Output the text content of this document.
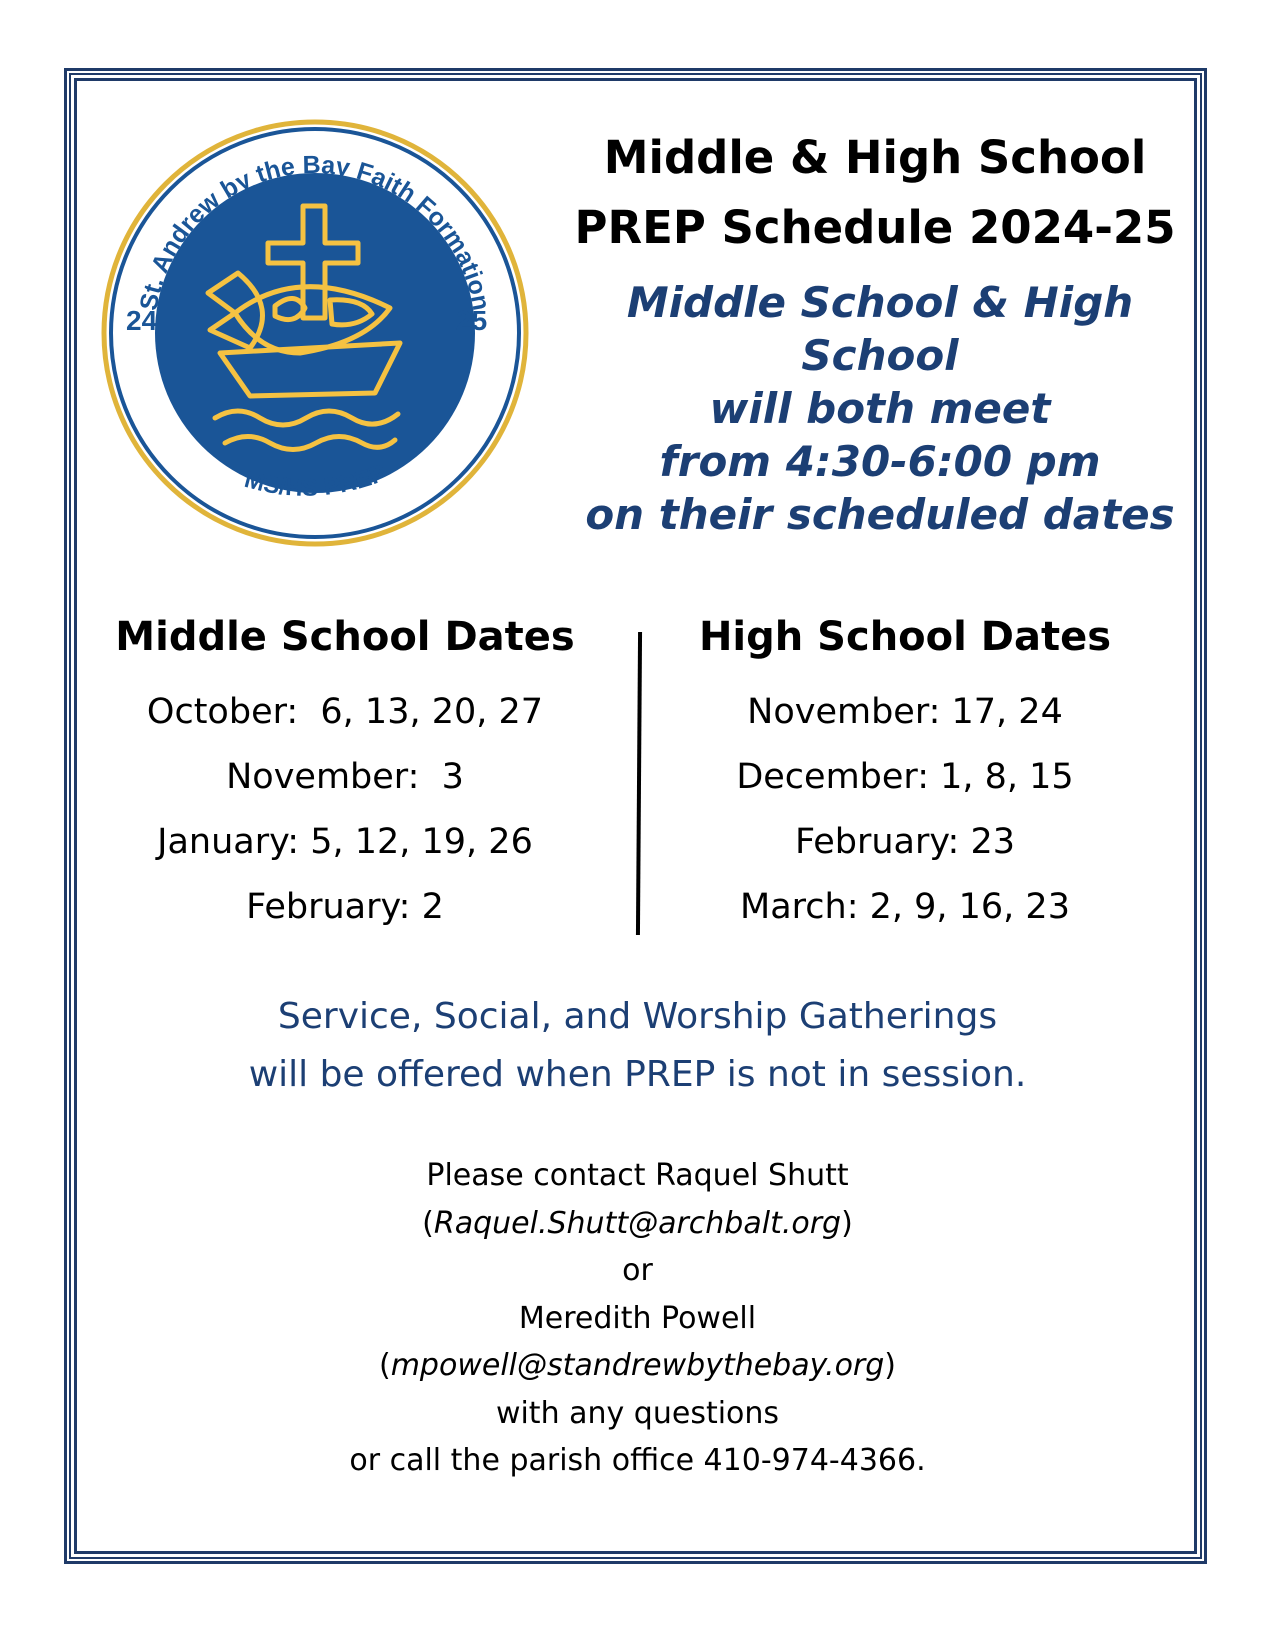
St. Andrew by the Bay Faith Formation
24	25
MS/HS PREP
Middle & High School
PREP Schedule 2024-25
Middle School & High
School
will both meet
from 4:30-6:00 pm
on their scheduled dates
Middle School Dates
October:  6, 13, 20, 27
November:  3
January: 5, 12, 19, 26
February: 2
High School Dates
November: 17, 24
December: 1, 8, 15
February: 23
March: 2, 9, 16, 23
Service, Social, and Worship Gatherings
will be offered when PREP is not in session.
Please contact Raquel Shutt
(Raquel.Shutt@archbalt.org)
or
Meredith Powell
(mpowell@standrewbythebay.org)
with any questions
or call the parish office 410-974-4366.
